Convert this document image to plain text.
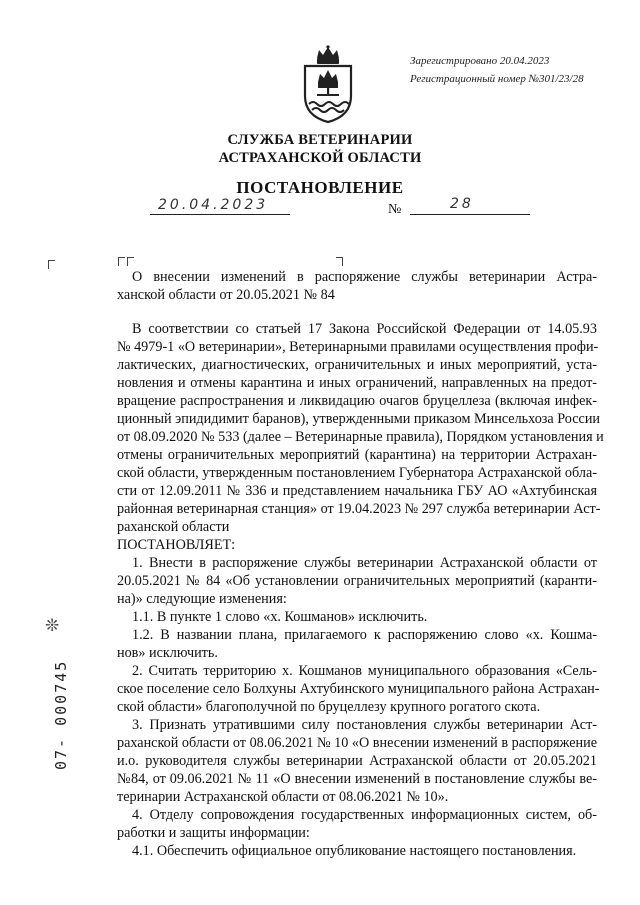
Зарегистрировано 20.04.2023
Регистрационный номер №301/23/28
СЛУЖБА ВЕТЕРИНАРИИ
АСТРАХАНСКОЙ ОБЛАСТИ
ПОСТАНОВЛЕНИЕ
20.04.2023	№	28
О внесении изменений в распоряжение службы ветеринарии Астра-
ханской области от 20.05.2021 № 84
В соответствии со статьей 17 Закона Российской Федерации от 14.05.93
№ 4979-1 «О ветеринарии», Ветеринарными правилами осуществления профи-
лактических, диагностических, ограничительных и иных мероприятий, уста-
новления и отмены карантина и иных ограничений, направленных на предот-
вращение распространения и ликвидацию очагов бруцеллеза (включая инфек-
ционный эпидидимит баранов), утвержденными приказом Минсельхоза России
от 08.09.2020 № 533 (далее – Ветеринарные правила), Порядком установления и
отмены ограничительных мероприятий (карантина) на территории Астрахан-
ской области, утвержденным постановлением Губернатора Астраханской обла-
сти от 12.09.2011 № 336 и представлением начальника ГБУ АО «Ахтубинская
районная ветеринарная станция» от 19.04.2023 № 297 служба ветеринарии Аст-
раханской области
ПОСТАНОВЛЯЕТ:
1. Внести в распоряжение службы ветеринарии Астраханской области от
20.05.2021 № 84 «Об установлении ограничительных мероприятий (каранти-
на)» следующие изменения:
1.1. В пункте 1 слово «х. Кошманов» исключить.
1.2. В названии плана, прилагаемого к распоряжению слово «х. Кошма-
нов» исключить.
2. Считать территорию х. Кошманов муниципального образования «Сель-
ское поселение село Болхуны Ахтубинского муниципального района Астрахан-
ской области» благополучной по бруцеллезу крупного рогатого скота.
3. Признать утратившими силу постановления службы ветеринарии Аст-
раханской области от 08.06.2021 № 10 «О внесении изменений в распоряжение
и.о. руководителя службы ветеринарии Астраханской области от 20.05.2021
№84, от 09.06.2021 № 11 «О внесении изменений в постановление службы ве-
теринарии Астраханской области от 08.06.2021 № 10».
4. Отделу сопровождения государственных информационных систем, об-
работки и защиты информации:
4.1. Обеспечить официальное опубликование настоящего постановления.
❊
07- 000745
